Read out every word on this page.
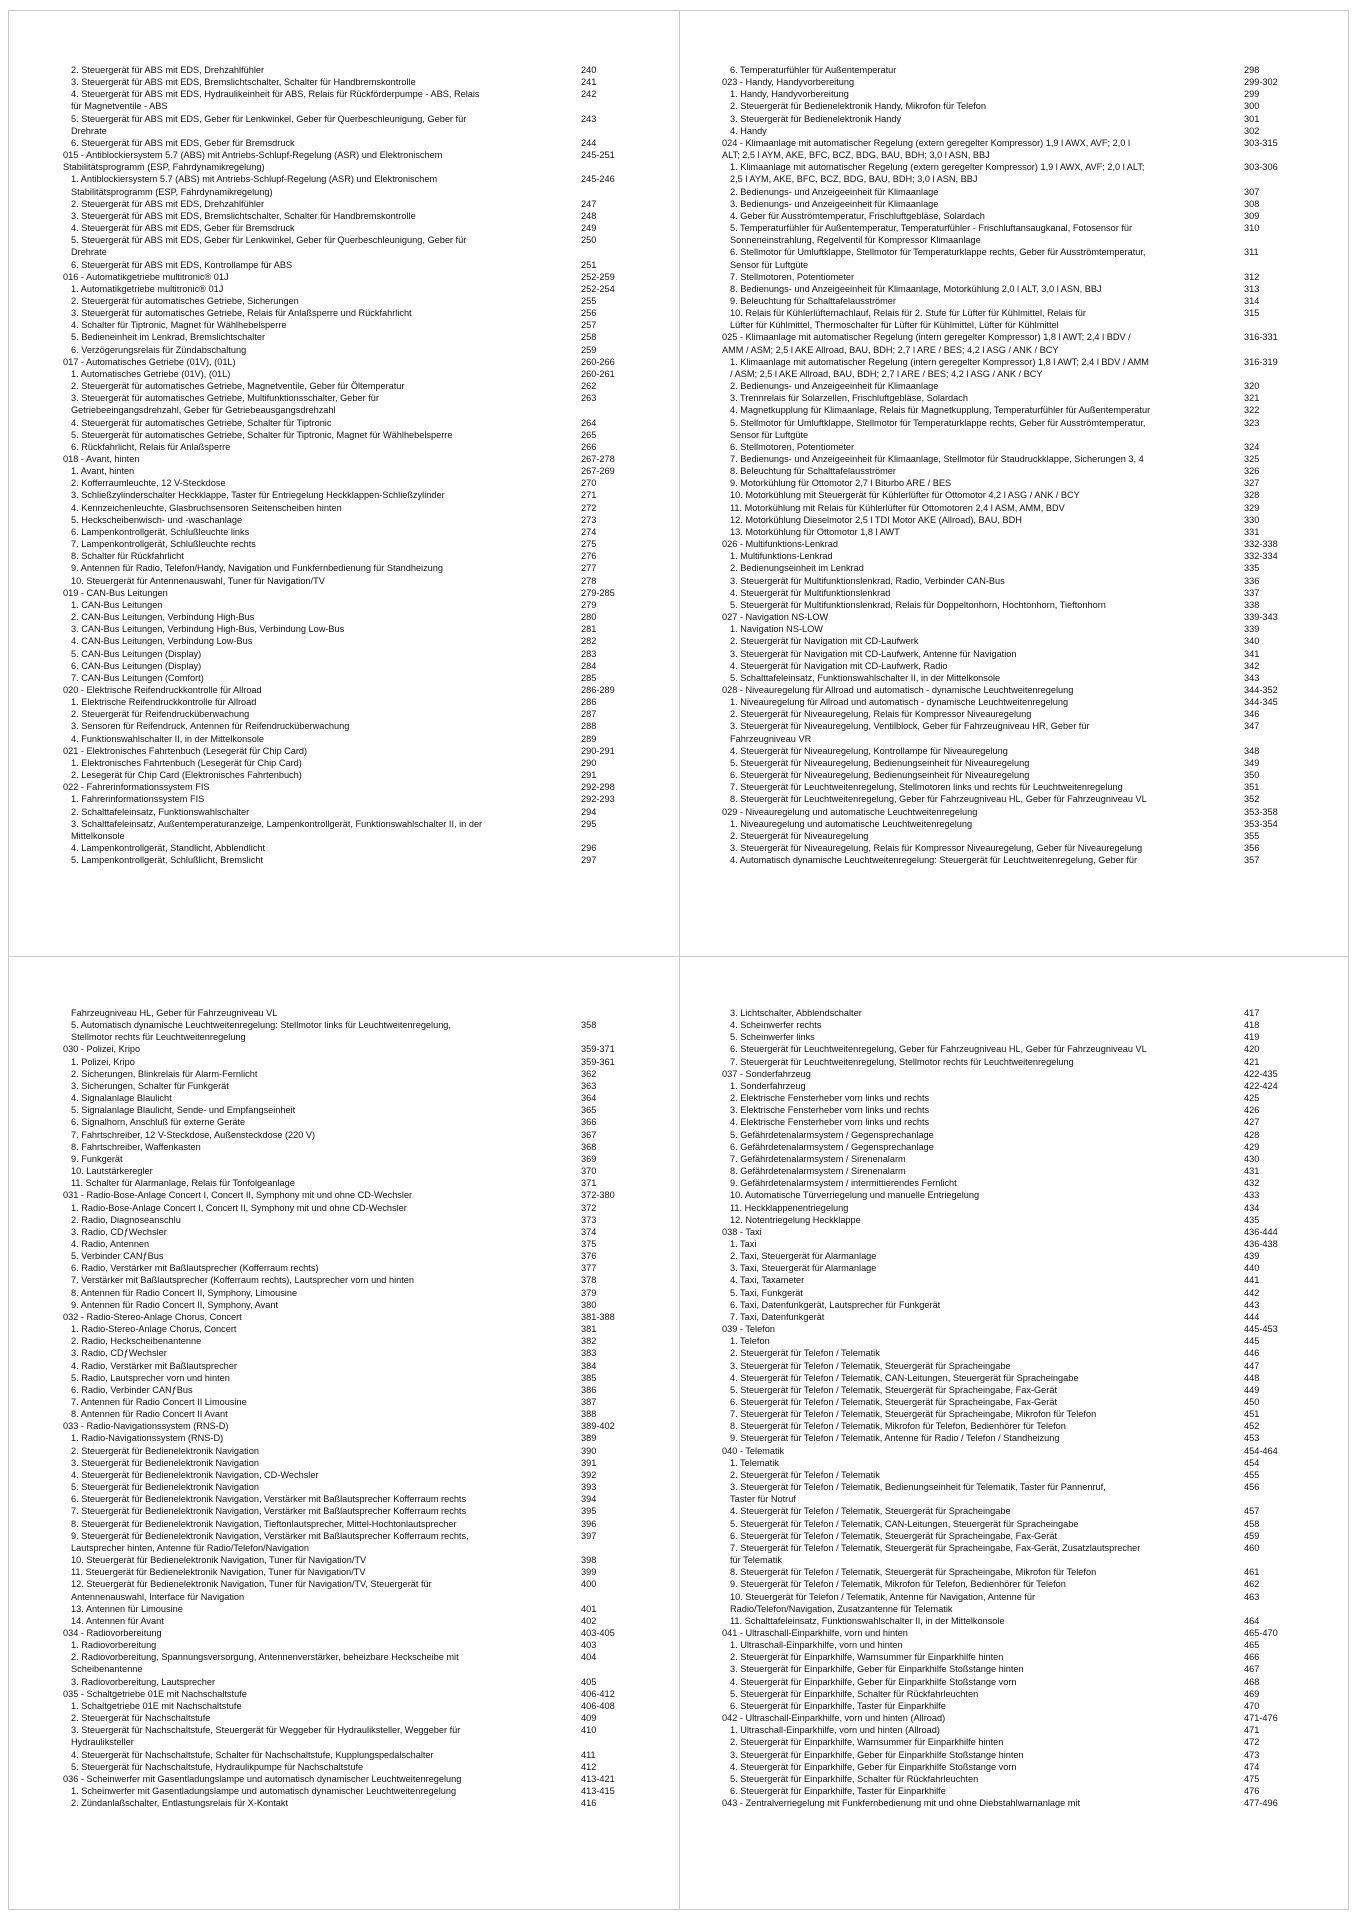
2. Steuergerät für ABS mit EDS, Drehzahlfühler	240
3. Steuergerät für ABS mit EDS, Bremslichtschalter, Schalter für Handbremskontrolle	241
4. Steuergerät für ABS mit EDS, Hydraulikeinheit für ABS, Relais für Rückförderpumpe - ABS, Relais	242
für Magnetventile - ABS
5. Steuergerät für ABS mit EDS, Geber für Lenkwinkel, Geber für Querbeschleunigung, Geber für	243
Drehrate
6. Steuergerät für ABS mit EDS, Geber für Bremsdruck	244
015 - Antiblockiersystem 5.7 (ABS) mit Antriebs-Schlupf-Regelung (ASR) und Elektronischem	245-251
Stabilitätsprogramm (ESP, Fahrdynamikregelung)
1. Antiblockiersystem 5.7 (ABS) mit Antriebs-Schlupf-Regelung (ASR) und Elektronischem	245-246
Stabilitätsprogramm (ESP, Fahrdynamikregelung)
2. Steuergerät für ABS mit EDS, Drehzahlfühler	247
3. Steuergerät für ABS mit EDS, Bremslichtschalter, Schalter für Handbremskontrolle	248
4. Steuergerät für ABS mit EDS, Geber für Bremsdruck	249
5. Steuergerät für ABS mit EDS, Geber für Lenkwinkel, Geber für Querbeschleunigung, Geber für	250
Drehrate
6. Steuergerät für ABS mit EDS, Kontrollampe für ABS	251
016 - Automatikgetriebe multitronic® 01J	252-259
1. Automatikgetriebe multitronic® 01J	252-254
2. Steuergerät für automatisches Getriebe, Sicherungen	255
3. Steuergerät für automatisches Getriebe, Relais für Anlaßsperre und Rückfahrlicht	256
4. Schalter für Tiptronic, Magnet für Wählhebelsperre	257
5. Bedieneinheit im Lenkrad, Bremslichtschalter	258
6. Verzögerungsrelais für Zündabschaltung	259
017 - Automatisches Getriebe (01V), (01L)	260-266
1. Automatisches Getriebe (01V), (01L)	260-261
2. Steuergerät für automatisches Getriebe, Magnetventile, Geber für Öltemperatur	262
3. Steuergerät für automatisches Getriebe, Multifunktionsschalter, Geber für	263
Getriebeeingangsdrehzahl, Geber für Getriebeausgangsdrehzahl
4. Steuergerät für automatisches Getriebe, Schalter für Tiptronic	264
5. Steuergerät für automatisches Getriebe, Schalter für Tiptronic, Magnet für Wählhebelsperre	265
6. Rückfahrlicht, Relais für Anlaßsperre	266
018 - Avant, hinten	267-278
1. Avant, hinten	267-269
2. Kofferraumleuchte, 12 V-Steckdose	270
3. Schließzylinderschalter Heckklappe, Taster für Entriegelung Heckklappen-Schließzylinder	271
4. Kennzeichenleuchte, Glasbruchsensoren Seitenscheiben hinten	272
5. Heckscheibenwisch- und -waschanlage	273
6. Lampenkontrollgerät, Schlußleuchte links	274
7. Lampenkontrollgerät, Schlußleuchte rechts	275
8. Schalter für Rückfahrlicht	276
9. Antennen für Radio, Telefon/Handy, Navigation und Funkfernbedienung für Standheizung	277
10. Steuergerät für Antennenauswahl, Tuner für Navigation/TV	278
019 - CAN-Bus Leitungen	279-285
1. CAN-Bus Leitungen	279
2. CAN-Bus Leitungen, Verbindung High-Bus	280
3. CAN-Bus Leitungen, Verbindung High-Bus, Verbindung Low-Bus	281
4. CAN-Bus Leitungen, Verbindung Low-Bus	282
5. CAN-Bus Leitungen (Display)	283
6. CAN-Bus Leitungen (Display)	284
7. CAN-Bus Leitungen (Comfort)	285
020 - Elektrische Reifendruckkontrolle für Allroad	286-289
1. Elektrische Reifendruckkontrolle für Allroad	286
2. Steuergerät für Reifendrucküberwachung	287
3. Sensoren für Reifendruck, Antennen für Reifendrucküberwachung	288
4. Funktionswahlschalter II, in der Mittelkonsole	289
021 - Elektronisches Fahrtenbuch (Lesegerät für Chip Card)	290-291
1. Elektronisches Fahrtenbuch (Lesegerät für Chip Card)	290
2. Lesegerät für Chip Card (Elektronisches Fahrtenbuch)	291
022 - Fahrerinformationssystem FIS	292-298
1. Fahrerinformationssystem FIS	292-293
2. Schalttafeleinsatz, Funktionswahlschalter	294
3. Schalttafeleinsatz, Außentemperaturanzeige, Lampenkontrollgerät, Funktionswahlschalter II, in der	295
Mittelkonsole
4. Lampenkontrollgerät, Standlicht, Abblendlicht	296
5. Lampenkontrollgerät, Schlußlicht, Bremslicht	297
6. Temperaturfühler für Außentemperatur	298
023 - Handy, Handyvorbereitung	299-302
1. Handy, Handyvorbereitung	299
2. Steuergerät für Bedienelektronik Handy, Mikrofon für Telefon	300
3. Steuergerät für Bedienelektronik Handy	301
4. Handy	302
024 - Klimaanlage mit automatischer Regelung (extern geregelter Kompressor) 1,9 l AWX, AVF; 2,0 l	303-315
ALT; 2,5 l AYM, AKE, BFC, BCZ, BDG, BAU, BDH; 3,0 l ASN, BBJ
1. Klimaanlage mit automatischer Regelung (extern geregelter Kompressor) 1,9 l AWX, AVF; 2,0 l ALT;	303-306
2,5 l AYM, AKE, BFC, BCZ, BDG, BAU, BDH; 3,0 l ASN, BBJ
2. Bedienungs- und Anzeigeeinheit für Klimaanlage	307
3. Bedienungs- und Anzeigeeinheit für Klimaanlage	308
4. Geber für Ausströmtemperatur, Frischluftgebläse, Solardach	309
5. Temperaturfühler für Außentemperatur, Temperaturfühler - Frischluftansaugkanal, Fotosensor für	310
Sonneneinstrahlung, Regelventil für Kompressor Klimaanlage
6. Stellmotor für Umluftklappe, Stellmotor für Temperaturklappe rechts, Geber für Ausströmtemperatur,	311
Sensor für Luftgüte
7. Stellmotoren, Potentiometer	312
8. Bedienungs- und Anzeigeeinheit für Klimaanlage, Motorkühlung 2,0 l ALT, 3,0 l ASN, BBJ	313
9. Beleuchtung für Schalttafelausströmer	314
10. Relais für Kühlerlüfternachlauf, Relais für 2. Stufe für Lüfter für Kühlmittel, Relais für	315
Lüfter für Kühlmittel, Thermoschalter für Lüfter für Kühlmittel, Lüfter für Kühlmittel
025 - Klimaanlage mit automatischer Regelung (intern geregelter Kompressor) 1,8 l AWT; 2,4 l BDV /	316-331
AMM / ASM; 2,5 l AKE Allroad, BAU, BDH; 2,7 l ARE / BES; 4,2 l ASG / ANK / BCY
1. Klimaanlage mit automatischer Regelung (intern geregelter Kompressor) 1,8 l AWT; 2,4 l BDV / AMM	316-319
/ ASM; 2,5 l AKE Allroad, BAU, BDH; 2,7 l ARE / BES; 4,2 l ASG / ANK / BCY
2. Bedienungs- und Anzeigeeinheit für Klimaanlage	320
3. Trennrelais für Solarzellen, Frischluftgebläse, Solardach	321
4. Magnetkupplung für Klimaanlage, Relais für Magnetkupplung, Temperaturfühler für Außentemperatur	322
5. Stellmotor für Umluftklappe, Stellmotor für Temperaturklappe rechts, Geber für Ausströmtemperatur,	323
Sensor für Luftgüte
6. Stellmotoren, Potentiometer	324
7. Bedienungs- und Anzeigeeinheit für Klimaanlage, Stellmotor für Staudruckklappe, Sicherungen 3, 4	325
8. Beleuchtung für Schalttafelausströmer	326
9. Motorkühlung für Ottomotor 2,7 l Biturbo ARE / BES	327
10. Motorkühlung mit Steuergerät für Kühlerlüfter für Ottomotor 4,2 l ASG / ANK / BCY	328
11. Motorkühlung mit Relais für Kühlerlüfter für Ottomotoren 2,4 l ASM, AMM, BDV	329
12. Motorkühlung Dieselmotor 2,5 l TDI Motor AKE (Allroad), BAU, BDH	330
13. Motorkühlung für Ottomotor 1,8 l AWT	331
026 - Multifunktions-Lenkrad	332-338
1. Multifunktions-Lenkrad	332-334
2. Bedienungseinheit im Lenkrad	335
3. Steuergerät für Multifunktionslenkrad, Radio, Verbinder CAN-Bus	336
4. Steuergerät für Multifunktionslenkrad	337
5. Steuergerät für Multifunktionslenkrad, Relais für Doppeltonhorn, Hochtonhorn, Tieftonhorn	338
027 - Navigation NS-LOW	339-343
1. Navigation NS-LOW	339
2. Steuergerät für Navigation mit CD-Laufwerk	340
3. Steuergerät für Navigation mit CD-Laufwerk, Antenne für Navigation	341
4. Steuergerät für Navigation mit CD-Laufwerk, Radio	342
5. Schalttafeleinsatz, Funktionswahlschalter II, in der Mittelkonsole	343
028 - Niveauregelung für Allroad und automatisch - dynamische Leuchtweitenregelung	344-352
1. Niveauregelung für Allroad und automatisch - dynamische Leuchtweitenregelung	344-345
2. Steuergerät für Niveauregelung, Relais für Kompressor Niveauregelung	346
3. Steuergerät für Niveauregelung, Ventilblock, Geber für Fahrzeugniveau HR, Geber für	347
Fahrzeugniveau VR
4. Steuergerät für Niveauregelung, Kontrollampe für Niveauregelung	348
5. Steuergerät für Niveauregelung, Bedienungseinheit für Niveauregelung	349
6. Steuergerät für Niveauregelung, Bedienungseinheit für Niveauregelung	350
7. Steuergerät für Leuchtweitenregelung, Stellmotoren links und rechts für Leuchtweitenregelung	351
8. Steuergerät für Leuchtweitenregelung, Geber für Fahrzeugniveau HL, Geber für Fahrzeugniveau VL	352
029 - Niveauregelung und automatische Leuchtweitenregelung	353-358
1. Niveauregelung und automatische Leuchtweitenregelung	353-354
2. Steuergerät für Niveauregelung	355
3. Steuergerät für Niveauregelung, Relais für Kompressor Niveauregelung, Geber für Niveauregelung	356
4. Automatisch dynamische Leuchtweitenregelung: Steuergerät für Leuchtweitenregelung, Geber für	357
Fahrzeugniveau HL, Geber für Fahrzeugniveau VL
5. Automatisch dynamische Leuchtweitenregelung: Stellmotor links für Leuchtweitenregelung,	358
Stellmotor rechts für Leuchtweitenregelung
030 - Polizei, Kripo	359-371
1. Polizei, Kripo	359-361
2. Sicherungen, Blinkrelais für Alarm-Fernlicht	362
3. Sicherungen, Schalter für Funkgerät	363
4. Signalanlage Blaulicht	364
5. Signalanlage Blaulicht, Sende- und Empfangseinheit	365
6. Signalhorn, Anschluß für externe Geräte	366
7. Fahrtschreiber, 12 V-Steckdose, Außensteckdose (220 V)	367
8. Fahrtschreiber, Waffenkasten	368
9. Funkgerät	369
10. Lautstärkeregler	370
11. Schalter für Alarmanlage, Relais für Tonfolgeanlage	371
031 - Radio-Bose-Anlage Concert I, Concert II, Symphony mit und ohne CD-Wechsler	372-380
1. Radio-Bose-Anlage Concert I, Concert II, Symphony mit und ohne CD-Wechsler	372
2. Radio, Diagnoseanschlu	373
3. Radio, CDƒWechsler	374
4. Radio, Antennen	375
5. Verbinder CANƒBus	376
6. Radio, Verstärker mit Baßlautsprecher (Kofferraum rechts)	377
7. Verstärker mit Baßlautsprecher (Kofferraum rechts), Lautsprecher vorn und hinten	378
8. Antennen für Radio Concert II, Symphony, Limousine	379
9. Antennen für Radio Concert II, Symphony, Avant	380
032 - Radio-Stereo-Anlage Chorus, Concert	381-388
1. Radio-Stereo-Anlage Chorus, Concert	381
2. Radio, Heckscheibenantenne	382
3. Radio, CDƒWechsler	383
4. Radio, Verstärker mit Baßlautsprecher	384
5. Radio, Lautsprecher vorn und hinten	385
6. Radio, Verbinder CANƒBus	386
7. Antennen für Radio Concert II Limousine	387
8. Antennen für Radio Concert II Avant	388
033 - Radio-Navigationssystem (RNS-D)	389-402
1. Radio-Navigationssystem (RNS-D)	389
2. Steuergerät für Bedienelektronik Navigation	390
3. Steuergerät für Bedienelektronik Navigation	391
4. Steuergerät für Bedienelektronik Navigation, CD-Wechsler	392
5. Steuergerät für Bedienelektronik Navigation	393
6. Steuergerät für Bedienelektronik Navigation, Verstärker mit Baßlautsprecher Kofferraum rechts	394
7. Steuergerät für Bedienelektronik Navigation, Verstärker mit Baßlautsprecher Kofferraum rechts	395
8. Steuergerät für Bedienelektronik Navigation, Tieftonlautsprecher, Mittel-Hochtonlautsprecher	396
9. Steuergerät für Bedienelektronik Navigation, Verstärker mit Baßlautsprecher Kofferraum rechts,	397
Lautsprecher hinten, Antenne für Radio/Telefon/Navigation
10. Steuergerät für Bedienelektronik Navigation, Tuner für Navigation/TV	398
11. Steuergerät für Bedienelektronik Navigation, Tuner für Navigation/TV	399
12. Steuergerät für Bedienelektronik Navigation, Tuner für Navigation/TV, Steuergerät für	400
Antennenauswahl, Interface für Navigation
13. Antennen für Limousine	401
14. Antennen für Avant	402
034 - Radiovorbereitung	403-405
1. Radiovorbereitung	403
2. Radiovorbereitung, Spannungsversorgung, Antennenverstärker, beheizbare Heckscheibe mit	404
Scheibenantenne
3. Radiovorbereitung, Lautsprecher	405
035 - Schaltgetriebe 01E mit Nachschaltstufe	406-412
1. Schaltgetriebe 01E mit Nachschaltstufe	406-408
2. Steuergerät für Nachschaltstufe	409
3. Steuergerät für Nachschaltstufe, Steuergerät für Weggeber für Hydrauliksteller, Weggeber für	410
Hydrauliksteller
4. Steuergerät für Nachschaltstufe, Schalter für Nachschaltstufe, Kupplungspedalschalter	411
5. Steuergerät für Nachschaltstufe, Hydraulikpumpe für Nachschaltstufe	412
036 - Scheinwerfer mit Gasentladungslampe und automatisch dynamischer Leuchtweitenregelung	413-421
1. Scheinwerfer mit Gasentladungslampe und automatisch dynamischer Leuchtweitenregelung	413-415
2. Zündanlaßschalter, Entlastungsrelais für X-Kontakt	416
3. Lichtschalter, Abblendschalter	417
4. Scheinwerfer rechts	418
5. Scheinwerfer links	419
6. Steuergerät für Leuchtweitenregelung, Geber für Fahrzeugniveau HL, Geber für Fahrzeugniveau VL	420
7. Steuergerät für Leuchtweitenregelung, Stellmotor rechts für Leuchtweitenregelung	421
037 - Sonderfahrzeug	422-435
1. Sonderfahrzeug	422-424
2. Elektrische Fensterheber vorn links und rechts	425
3. Elektrische Fensterheber vorn links und rechts	426
4. Elektrische Fensterheber vorn links und rechts	427
5. Gefährdetenalarmsystem / Gegensprechanlage	428
6. Gefährdetenalarmsystem / Gegensprechanlage	429
7. Gefährdetenalarmsystem / Sirenenalarm	430
8. Gefährdetenalarmsystem / Sirenenalarm	431
9. Gefährdetenalarmsystem / intermittierendes Fernlicht	432
10. Automatische Türverriegelung und manuelle Entriegelung	433
11. Heckklappenentriegelung	434
12. Notentriegelung Heckklappe	435
038 - Taxi	436-444
1. Taxi	436-438
2. Taxi, Steuergerät für Alarmanlage	439
3. Taxi, Steuergerät für Alarmanlage	440
4. Taxi, Taxameter	441
5. Taxi, Funkgerät	442
6. Taxi, Datenfunkgerät, Lautsprecher für Funkgerät	443
7. Taxi, Datenfunkgerät	444
039 - Telefon	445-453
1. Telefon	445
2. Steuergerät für Telefon / Telematik	446
3. Steuergerät für Telefon / Telematik, Steuergerät für Spracheingabe	447
4. Steuergerät für Telefon / Telematik, CAN-Leitungen, Steuergerät für Spracheingabe	448
5. Steuergerät für Telefon / Telematik, Steuergerät für Spracheingabe, Fax-Gerät	449
6. Steuergerät für Telefon / Telematik, Steuergerät für Spracheingabe, Fax-Gerät	450
7. Steuergerät für Telefon / Telematik, Steuergerät für Spracheingabe, Mikrofon für Telefon	451
8. Steuergerät für Telefon / Telematik, Mikrofon für Telefon, Bedienhörer für Telefon	452
9. Steuergerät für Telefon / Telematik, Antenne für Radio / Telefon / Standheizung	453
040 - Telematik	454-464
1. Telematik	454
2. Steuergerät für Telefon / Telematik	455
3. Steuergerät für Telefon / Telematik, Bedienungseinheit für Telematik, Taster für Pannenruf,	456
Taster für Notruf
4. Steuergerät für Telefon / Telematik, Steuergerät für Spracheingabe	457
5. Steuergerät für Telefon / Telematik, CAN-Leitungen, Steuergerät für Spracheingabe	458
6. Steuergerät für Telefon / Telematik, Steuergerät für Spracheingabe, Fax-Gerät	459
7. Steuergerät für Telefon / Telematik, Steuergerät für Spracheingabe, Fax-Gerät, Zusatzlautsprecher	460
für Telematik
8. Steuergerät für Telefon / Telematik, Steuergerät für Spracheingabe, Mikrofon für Telefon	461
9. Steuergerät für Telefon / Telematik, Mikrofon für Telefon, Bedienhörer für Telefon	462
10. Steuergerät für Telefon / Telematik, Antenne für Navigation, Antenne für	463
Radio/Telefon/Navigation, Zusatzantenne für Telematik
11. Schalttafeleinsatz, Funktionswahlschalter II, in der Mittelkonsole	464
041 - Ultraschall-Einparkhilfe, vorn und hinten	465-470
1. Ultraschall-Einparkhilfe, vorn und hinten	465
2. Steuergerät für Einparkhilfe, Warnsummer für Einparkhilfe hinten	466
3. Steuergerät für Einparkhilfe, Geber für Einparkhilfe Stoßstange hinten	467
4. Steuergerät für Einparkhilfe, Geber für Einparkhilfe Stoßstange vorn	468
5. Steuergerät für Einparkhilfe, Schalter für Rückfahrleuchten	469
6. Steuergerät für Einparkhilfe, Taster für Einparkhilfe	470
042 - Ultraschall-Einparkhilfe, vorn und hinten (Allroad)	471-476
1. Ultraschall-Einparkhilfe, vorn und hinten (Allroad)	471
2. Steuergerät für Einparkhilfe, Warnsummer für Einparkhilfe hinten	472
3. Steuergerät für Einparkhilfe, Geber für Einparkhilfe Stoßstange hinten	473
4. Steuergerät für Einparkhilfe, Geber für Einparkhilfe Stoßstange vorn	474
5. Steuergerät für Einparkhilfe, Schalter für Rückfahrleuchten	475
6. Steuergerät für Einparkhilfe, Taster für Einparkhilfe	476
043 - Zentralverriegelung mit Funkfernbedienung mit und ohne Diebstahlwarnanlage mit	477-496
